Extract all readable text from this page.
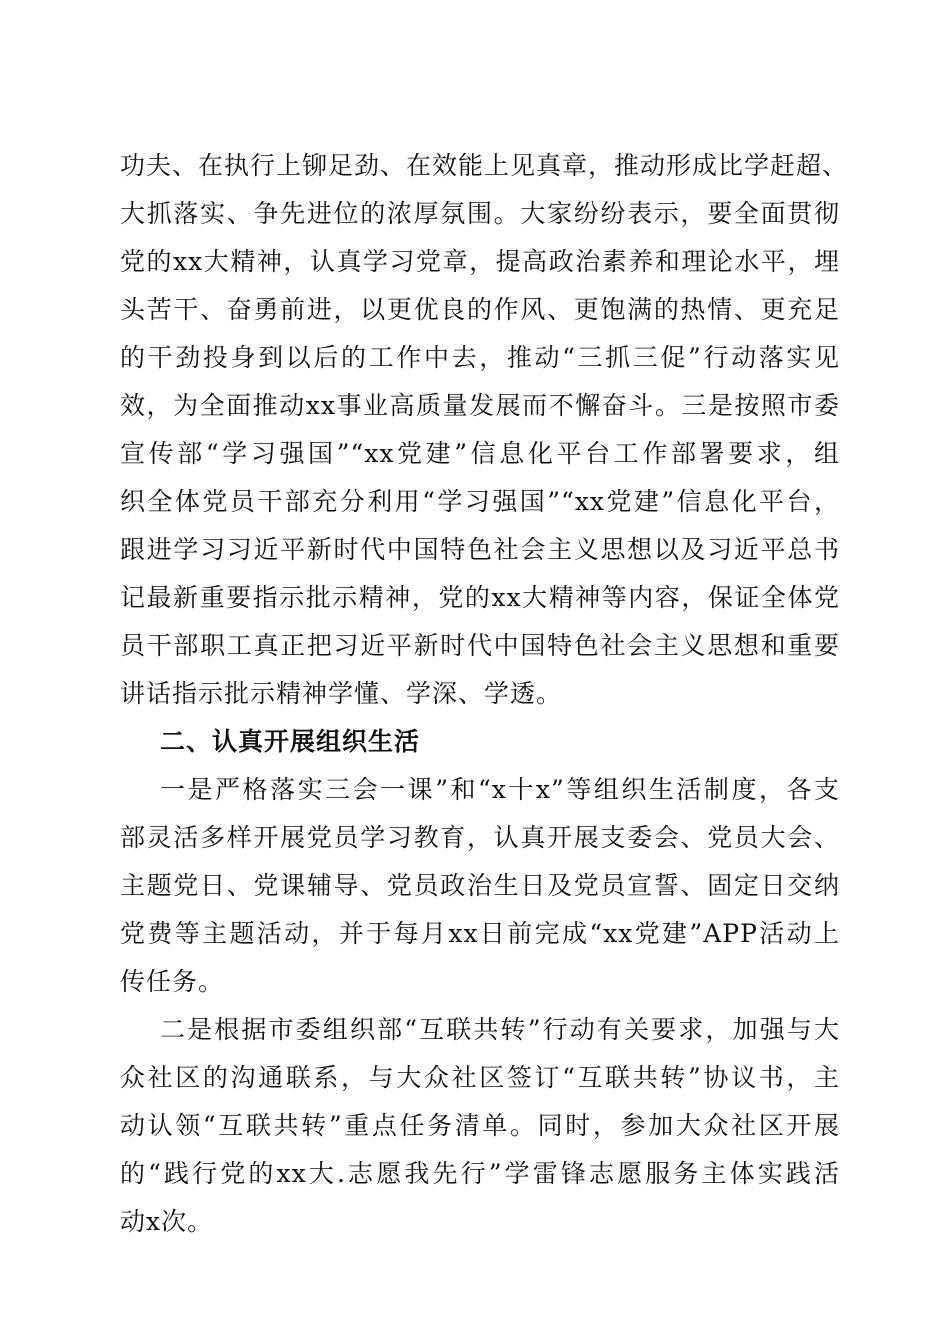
功夫、在执行上铆足劲、在效能上见真章，推动形成比学赶超、
大抓落实、争先进位的浓厚氛围。大家纷纷表示，要全面贯彻
党的xx大精神，认真学习党章，提高政治素养和理论水平，埋
头苦干、奋勇前进，以更优良的作风、更饱满的热情、更充足
的干劲投身到以后的工作中去，推动“三抓三促”行动落实见
效，为全面推动xx事业高质量发展而不懈奋斗。三是按照市委
宣传部“学习强国”“xx党建”信息化平台工作部署要求，组
织全体党员干部充分利用“学习强国”“xx党建”信息化平台，
跟进学习习近平新时代中国特色社会主义思想以及习近平总书
记最新重要指示批示精神，党的xx大精神等内容，保证全体党
员干部职工真正把习近平新时代中国特色社会主义思想和重要
讲话指示批示精神学懂、学深、学透。
二、认真开展组织生活
一是严格落实三会一课”和“x十x”等组织生活制度，各支
部灵活多样开展党员学习教育，认真开展支委会、党员大会、
主题党日、党课辅导、党员政治生日及党员宣誓、固定日交纳
党费等主题活动，并于每月xx日前完成“xx党建”APP活动上
传任务。
二是根据市委组织部“互联共转”行动有关要求，加强与大
众社区的沟通联系，与大众社区签订“互联共转”协议书，主
动认领“互联共转”重点任务清单。同时，参加大众社区开展
的“践行党的xx大.志愿我先行”学雷锋志愿服务主体实践活
动x次。
